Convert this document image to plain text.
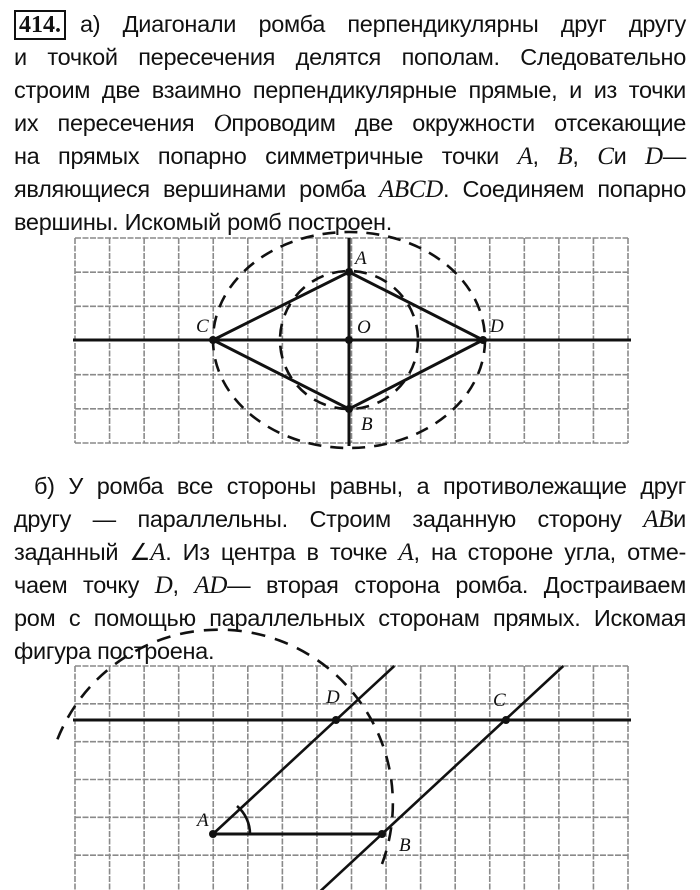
414. а) Диагонали ромба перпендикулярны друг другу
и точкой пересечения делятся пополам. Следовательно
строим две взаимно перпендикулярные прямые, и из точки
их пересечения Oпроводим две окружности отсекающие
на прямых попарно симметричные точки A, B, Cи D—
являющиеся вершинами ромба ABCD. Соединяем попарно
вершины. Искомый ромб построен.
б) У ромба все стороны равны, а противолежащие друг
другу — параллельны. Строим заданную сторону ABи
заданный ∠A. Из центра в точке A, на стороне угла, отме-
чаем точку D, AD— вторая сторона ромба. Достраиваем
ром с помощью параллельных сторонам прямых. Искомая
фигура построена.
A
B
C	D
O
A
B
C
D
